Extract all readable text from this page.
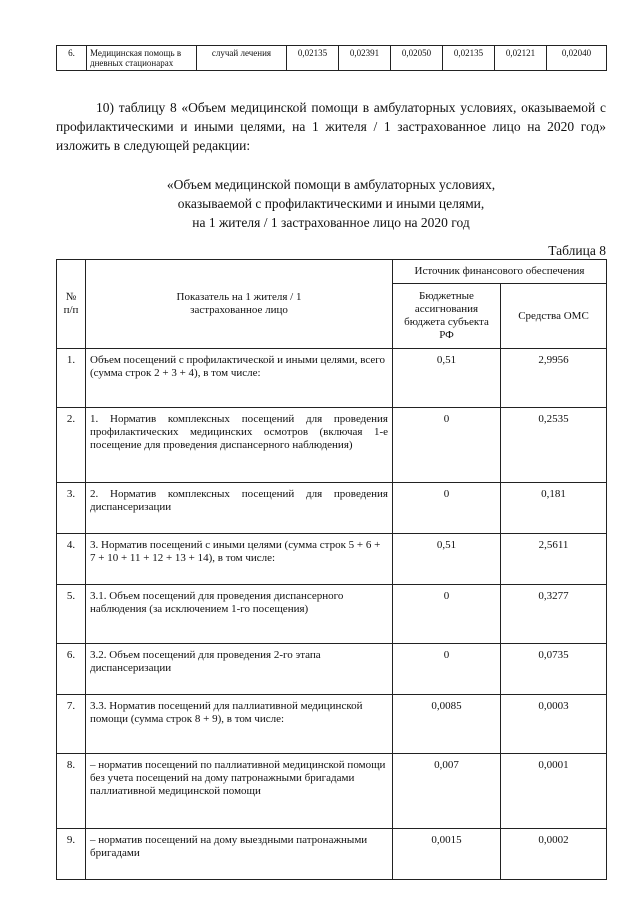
6.	Медицинская помощь в дневных стационарах	случай лечения	0,02135	0,02391	0,02050	0,02135	0,02121	0,02040
10) таблицу 8 «Объем медицинской помощи в амбулаторных условиях, оказываемой с профилактическими и иными целями, на 1 жителя / 1 застрахованное лицо на 2020 год» изложить в следующей редакции:
«Объем медицинской помощи в амбулаторных условиях,
оказываемой с профилактическими и иными целями,
на 1 жителя / 1 застрахованное лицо на 2020 год
Таблица 8
№ п/п	Показатель на 1 жителя / 1 застрахованное лицо	Источник финансового обеспечения	
		Бюджетные ассигнования бюджета субъекта РФ	Средства ОМС
1.	Объем посещений с профилактической и иными целями, всего (сумма строк 2 + 3 + 4), в том числе:	0,51	2,9956
2.	1. Норматив комплексных посещений для проведения профилактических медицинских осмотров (включая 1-е посещение для проведения диспансерного наблюдения)	0	0,2535
3.	2. Норматив комплексных посещений для проведения диспансеризации	0	0,181
4.	3. Норматив посещений с иными целями (сумма строк 5 + 6 + 7 + 10 + 11 + 12 + 13 + 14), в том числе:	0,51	2,5611
5.	3.1. Объем посещений для проведения диспансерного наблюдения (за исключением 1-го посещения)	0	0,3277
6.	3.2. Объем посещений для проведения 2-го этапа диспансеризации	0	0,0735
7.	3.3. Норматив посещений для паллиативной медицинской помощи (сумма строк 8 + 9), в том числе:	0,0085	0,0003
8.	– норматив посещений по паллиативной медицинской помощи без учета посещений на дому патронажными бригадами паллиативной медицинской помощи	0,007	0,0001
9.	– норматив посещений на дому выездными патронажными бригадами	0,0015	0,0002
